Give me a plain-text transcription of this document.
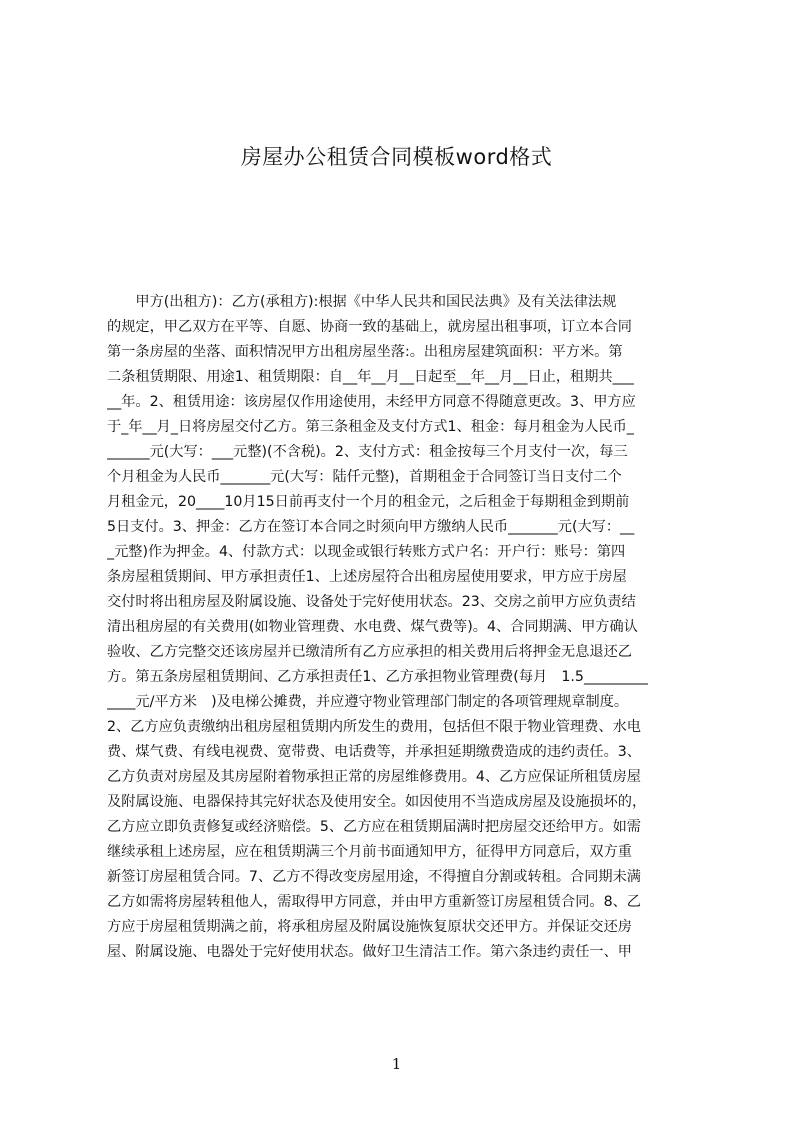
房屋办公租赁合同模板word格式
　　甲方(出租方)：乙方(承租方):根据《中华人民共和国民法典》及有关法律法规
的规定，甲乙双方在平等、自愿、协商一致的基础上，就房屋出租事项，订立本合同
第一条房屋的坐落、面积情况甲方出租房屋坐落:。出租房屋建筑面积：平方米。第
二条租赁期限、用途1、租赁期限：自__年__月__日起至__年__月__日止，租期共___
__年。2、租赁用途：该房屋仅作用途使用，未经甲方同意不得随意更改。3、甲方应
于_年__月_日将房屋交付乙方。第三条租金及支付方式1、租金：每月租金为人民币_
______元(大写：___元整)(不含税)。2、支付方式：租金按每三个月支付一次，每三
个月租金为人民币_______元(大写：陆仟元整)，首期租金于合同签订当日支付二个
月租金元，20____10月15日前再支付一个月的租金元，之后租金于每期租金到期前
5日支付。3、押金：乙方在签订本合同之时须向甲方缴纳人民币_______元(大写：__
_元整)作为押金。4、付款方式：以现金或银行转账方式户名：开户行：账号：第四
条房屋租赁期间、甲方承担责任1、上述房屋符合出租房屋使用要求，甲方应于房屋
交付时将出租房屋及附属设施、设备处于完好使用状态。23、交房之前甲方应负责结
清出租房屋的有关费用(如物业管理费、水电费、煤气费等)。4、合同期满、甲方确认
验收、乙方完整交还该房屋并已缴清所有乙方应承担的相关费用后将押金无息退还乙
方。第五条房屋租赁期间、乙方承担责任1、乙方承担物业管理费(每月　1.5_________
____元/平方米　)及电梯公摊费，并应遵守物业管理部门制定的各项管理规章制度。
2、乙方应负责缴纳出租房屋租赁期内所发生的费用，包括但不限于物业管理费、水电
费、煤气费、有线电视费、宽带费、电话费等，并承担延期缴费造成的违约责任。3、
乙方负责对房屋及其房屋附着物承担正常的房屋维修费用。4、乙方应保证所租赁房屋
及附属设施、电器保持其完好状态及使用安全。如因使用不当造成房屋及设施损坏的，
乙方应立即负责修复或经济赔偿。5、乙方应在租赁期届满时把房屋交还给甲方。如需
继续承租上述房屋，应在租赁期满三个月前书面通知甲方，征得甲方同意后，双方重
新签订房屋租赁合同。7、乙方不得改变房屋用途，不得擅自分割或转租。合同期未满
乙方如需将房屋转租他人，需取得甲方同意，并由甲方重新签订房屋租赁合同。8、乙
方应于房屋租赁期满之前，将承租房屋及附属设施恢复原状交还甲方。并保证交还房
屋、附属设施、电器处于完好使用状态。做好卫生清洁工作。第六条违约责任一、甲
1
